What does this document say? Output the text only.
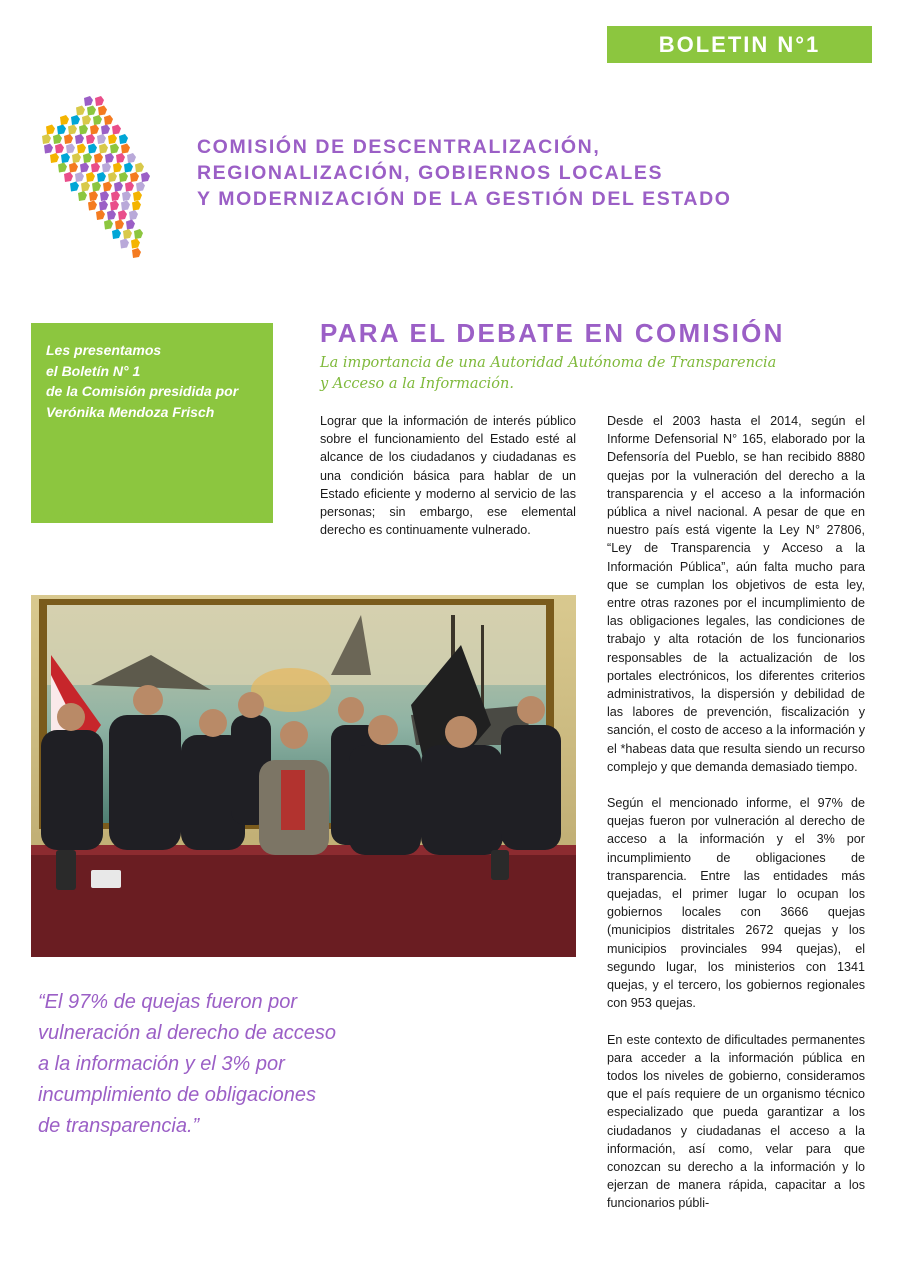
BOLETIN N°1
COMISIÓN DE DESCENTRALIZACIÓN,
REGIONALIZACIÓN, GOBIERNOS LOCALES
Y MODERNIZACIÓN DE LA GESTIÓN DEL ESTADO
Les presentamos
el Boletín N° 1
de la Comisión presidida por
Verónika Mendoza Frisch
PARA EL DEBATE EN COMISIÓN
La importancia de una Autoridad Autónoma de Transparencia
y Acceso a la Información.

Lograr que la información de interés público sobre el funcionamiento del Estado esté al alcance de los ciudadanos y ciudadanas es una condición básica para hablar de un Estado eficiente y moderno al servicio de las personas; sin embargo, ese elemental derecho es continuamente vulnerado.

Desde el 2003 hasta el 2014, según el Informe Defensorial N° 165, elaborado por la Defensoría del Pueblo, se han recibido 8880 quejas por la vulneración del derecho a la transparencia y el acceso a la información pública a nivel nacional. A pesar de que en nuestro país está vigente la Ley N° 27806, “Ley de Transparencia y Acceso a la Información Pública”, aún falta mucho para que se cumplan los objetivos de esta ley, entre otras razones por el incumplimiento de las obligaciones legales, las condiciones de trabajo y alta rotación de los funcionarios responsables de la actualización de los portales electrónicos, los diferentes criterios administrativos, la dispersión y debilidad de las labores de prevención, fiscalización y sanción, el costo de acceso a la información y el *habeas data que resulta siendo un recurso complejo y que demanda demasiado tiempo.

Según el mencionado informe, el 97% de quejas fueron por vulneración al derecho de acceso a la información y el 3% por incumplimiento de obligaciones de transparencia. Entre las entidades más quejadas, el primer lugar lo ocupan los gobiernos locales con 3666 quejas (municipios distritales 2672 quejas y los municipios provinciales 994 quejas), el segundo lugar, los ministerios con 1341 quejas, y el tercero, los gobiernos regionales con 953 quejas.

En este contexto de dificultades permanentes para acceder a la información pública en todos los niveles de gobierno, consideramos que el país requiere de un organismo técnico especializado que pueda garantizar a los ciudadanos y ciudadanas el acceso a la información, así como, velar para que conozcan su derecho a la información y lo ejerzan de manera rápida, capacitar a los funcionarios públi-

“El 97% de quejas fueron por
vulneración al derecho de acceso
a la información y el 3% por
incumplimiento de obligaciones
de transparencia.”
